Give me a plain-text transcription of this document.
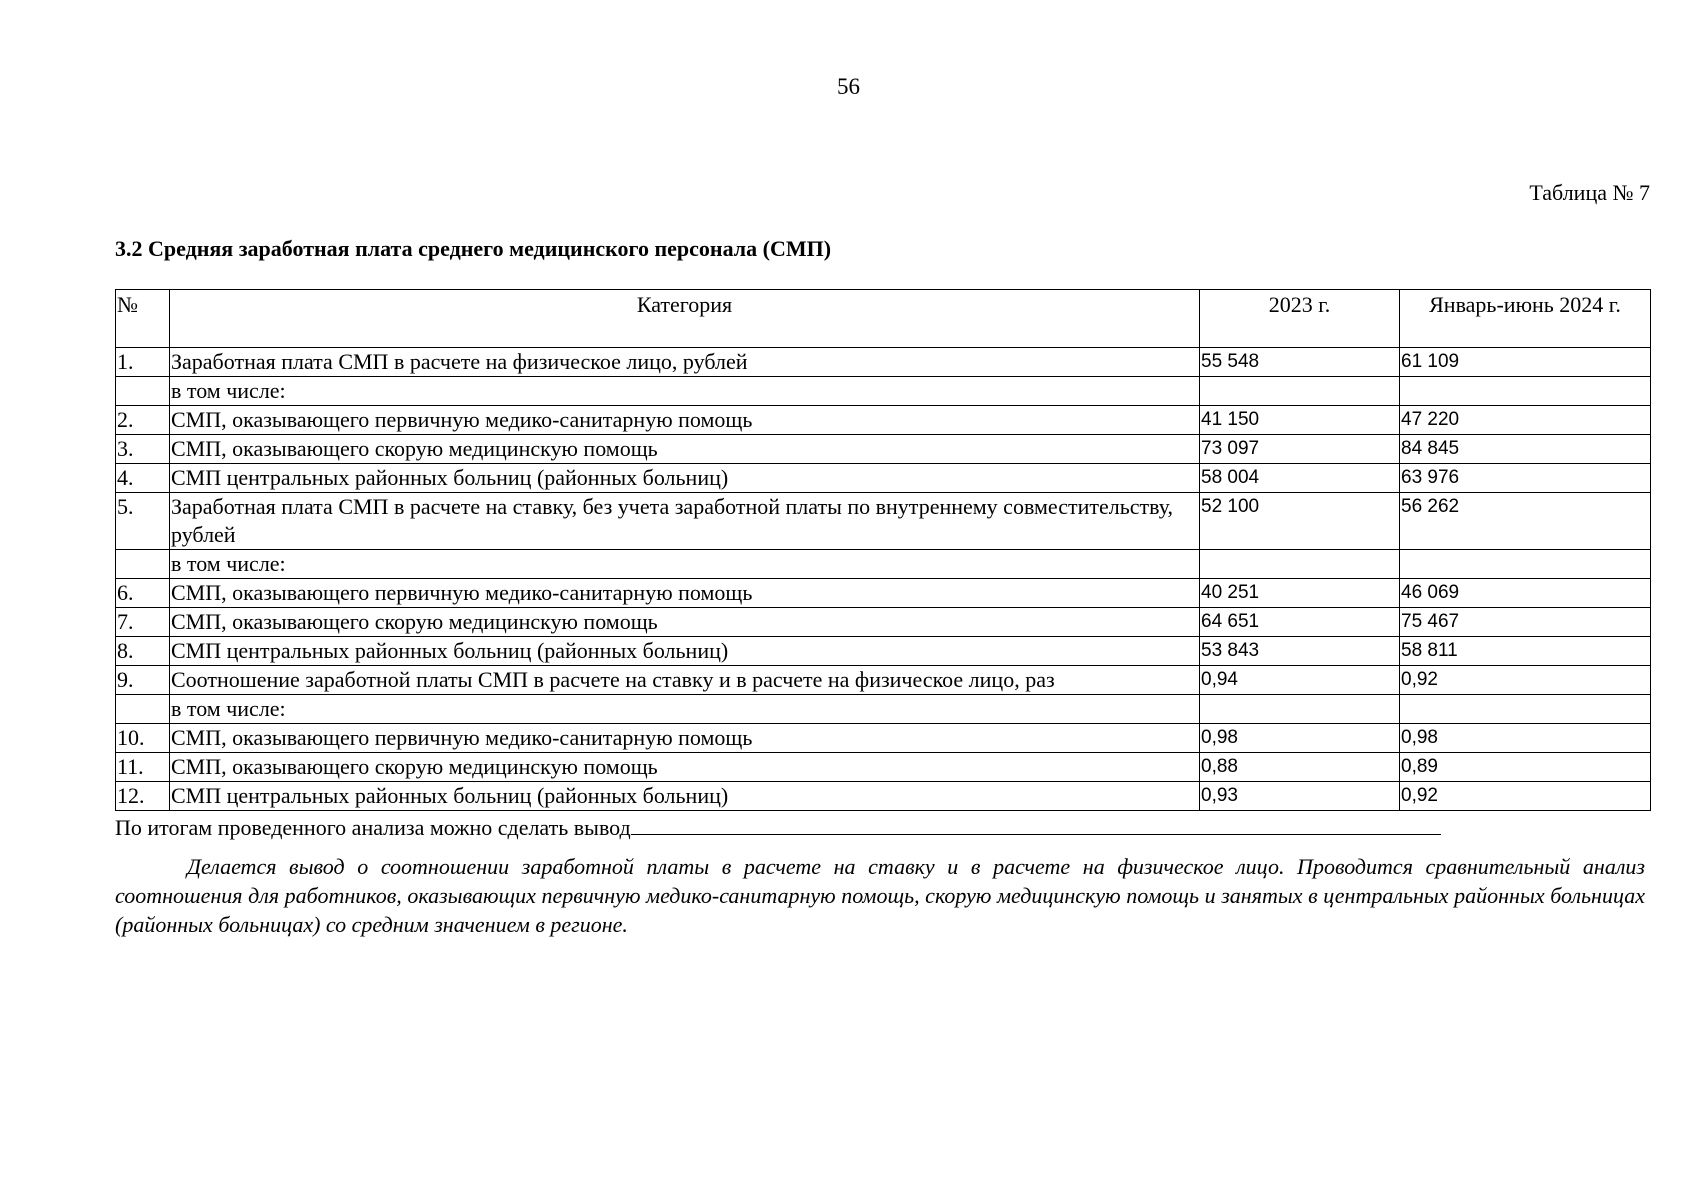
56
Таблица № 7
3.2 Средняя заработная плата среднего медицинского персонала (СМП)
№	Категория	2023 г.	Январь-июнь 2024 г.
1.	Заработная плата СМП в расчете на физическое лицо, рублей	55 548	61 109
	в том числе:		
2.	СМП, оказывающего первичную медико-санитарную помощь	41 150	47 220
3.	СМП, оказывающего скорую медицинскую помощь	73 097	84 845
4.	СМП центральных районных больниц (районных больниц)	58 004	63 976
5.	Заработная плата СМП в расчете на ставку, без учета заработной платы по внутреннему совместительству, рублей	52 100	56 262
	в том числе:		
6.	СМП, оказывающего первичную медико-санитарную помощь	40 251	46 069
7.	СМП, оказывающего скорую медицинскую помощь	64 651	75 467
8.	СМП центральных районных больниц (районных больниц)	53 843	58 811
9.	Соотношение заработной платы СМП в расчете на ставку и в расчете на физическое лицо, раз	0,94	0,92
	в том числе:		
10.	СМП, оказывающего первичную медико-санитарную помощь	0,98	0,98
11.	СМП, оказывающего скорую медицинскую помощь	0,88	0,89
12.	СМП центральных районных больниц (районных больниц)	0,93	0,92
По итогам проведенного анализа можно сделать вывод
Делается вывод о соотношении заработной платы в расчете на ставку и в расчете на физическое лицо. Проводится сравнительный анализ соотношения для работников, оказывающих первичную медико-санитарную помощь, скорую медицинскую помощь и занятых в центральных районных больницах (районных больницах) со средним значением в регионе.
